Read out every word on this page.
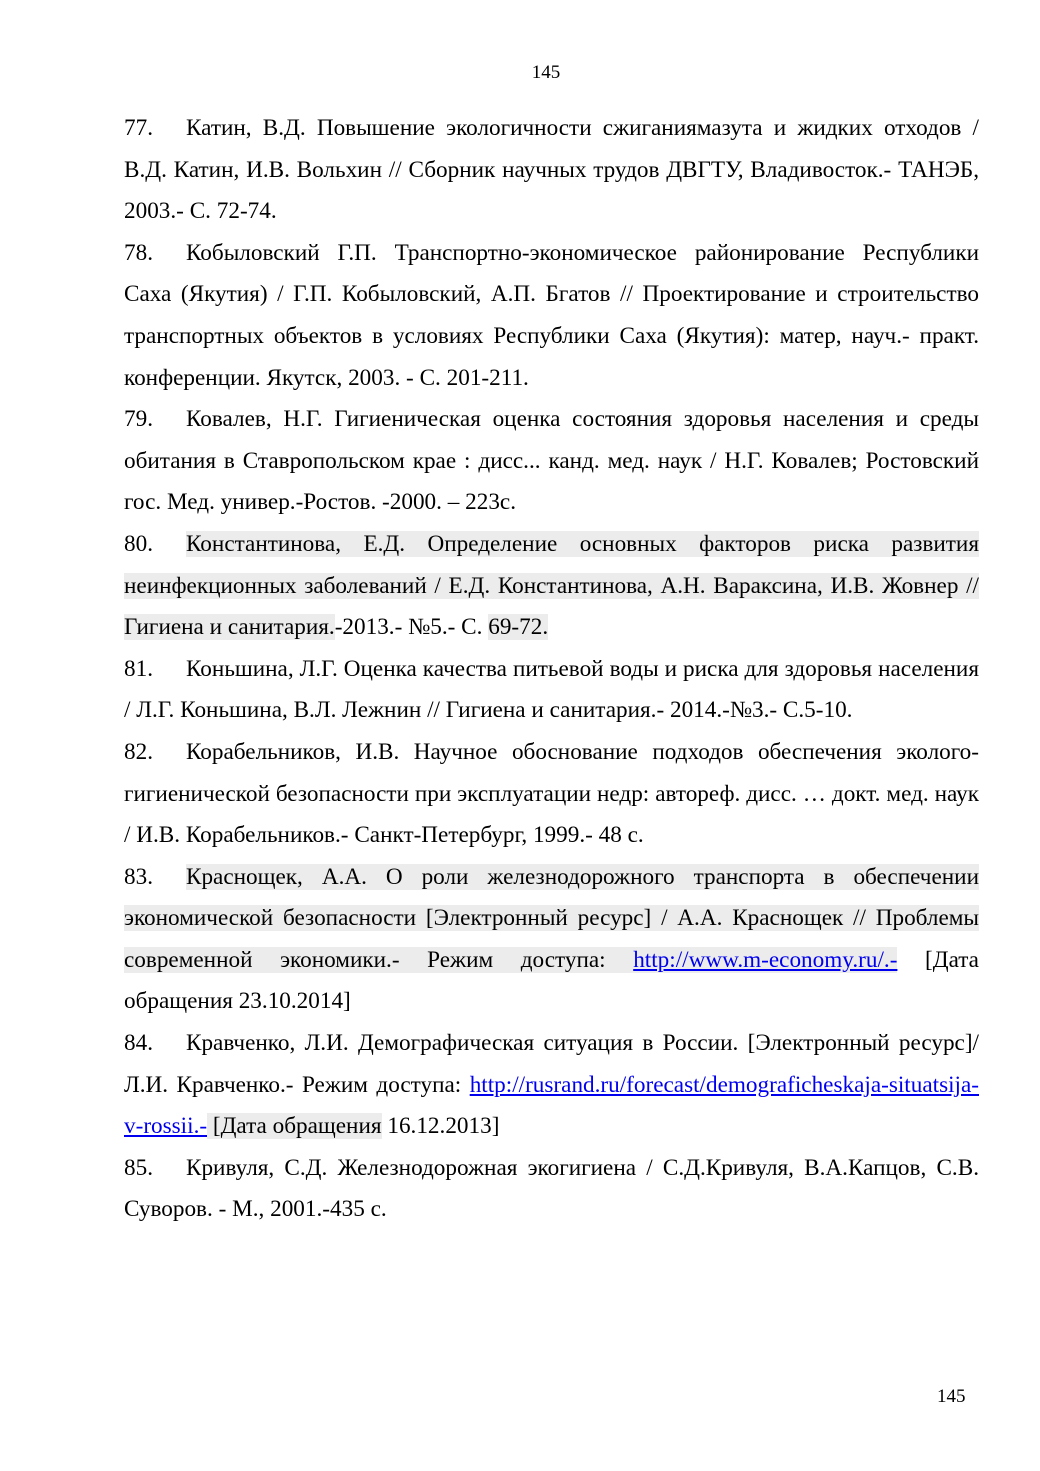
145

77. Катин, В.Д. Повышение экологичности сжиганиямазута и жидких отходов / В.Д. Катин, И.В. Вольхин // Сборник научных трудов ДВГТУ, Владивосток.- ТАНЭБ, 2003.- С. 72-74.

78. Кобыловский Г.П. Транспортно-экономическое районирование Республики Саха (Якутия) / Г.П. Кобыловский, А.П. Бгатов // Проектирование и строительство транспортных объектов в условиях Республики Саха (Якутия): матер, науч.- практ. конференции. Якутск, 2003. - С. 201-211.

79. Ковалев, Н.Г. Гигиеническая оценка состояния здоровья населения и среды обитания в Ставропольском крае : дисс... канд. мед. наук / Н.Г. Ковалев; Ростовский гос. Мед. универ.-Ростов. -2000. – 223с.

80. Константинова, Е.Д. Определение основных факторов риска развития неинфекционных заболеваний / Е.Д. Константинова, А.Н. Вараксина, И.В. Жовнер // Гигиена и санитария.-2013.- №5.- С. 69-72.

81. Коньшина, Л.Г. Оценка качества питьевой воды и риска для здоровья населения / Л.Г. Коньшина, В.Л. Лежнин // Гигиена и санитария.- 2014.-№3.- С.5-10.

82. Корабельников, И.В. Научное обоснование подходов обеспечения эколого-гигиенической безопасности при эксплуатации недр: автореф. дисс. … докт. мед. наук / И.В. Корабельников.- Санкт-Петербург, 1999.- 48 с.

83. Краснощек, А.А. О роли железнодорожного транспорта в обеспечении экономической безопасности [Электронный ресурс] / А.А. Краснощек // Проблемы современной экономики.- Режим доступа: http://www.m-economy.ru/.- [Дата обращения 23.10.2014]

84. Кравченко, Л.И. Демографическая ситуация в России. [Электронный ресурс]/ Л.И. Кравченко.- Режим доступа: http://rusrand.ru/forecast/demograficheskaja-situatsija-v-rossii.- [Дата обращения 16.12.2013]

85. Кривуля, С.Д. Железнодорожная экогигиена / С.Д.Кривуля, В.А.Капцов, С.В. Суворов. - М., 2001.-435 с.

145
